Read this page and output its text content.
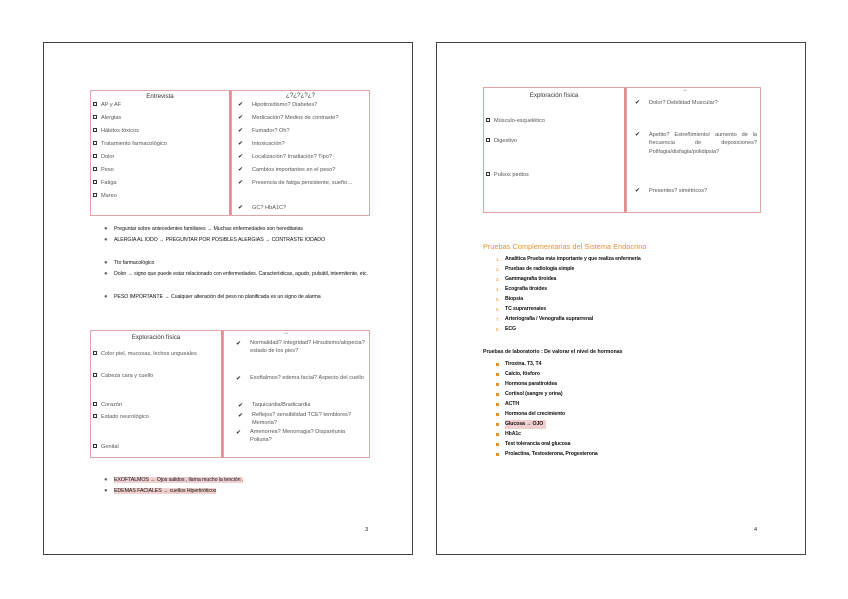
Entrevista
AP y AF
Alergias
Hábitos tóxicos
Tratamiento farmacológico
Dolor
Peso
Fatiga
Mareo
¿?¿?¿?¿?
✔ Hipotiroidismo? Diabetes?
✔ Medicación? Medios de contraste?
✔ Fumador? Oh?
✔ Intoxicación?
✔ Localización? Irradiación? Tipo?
✔ Cambios importantes en el peso?
✔ Presencia de fatiga persistente, sueño…
✔ GC? HbA1C?
● Preguntar sobre antecedentes familiares → Muchas enfermedades son hereditarias
● ALERGIA AL IODO → PREGUNTAR POR POSIBLES ALERGIAS → CONTRASTE IODADO
● Tto farmacológico
● Dolor → signo que puede estar relacionado con enfermedades. Características, agudo, pulsátil, intermitente, etc.
● PESO IMPORTANTE → Cualquier alteración del peso no planificada es un signo de alarma
Exploración física
Color piel, mucosas, lechos ungueales
Cabeza cara y cuello
Corazón
Estado neurológico
Genital
***
✔ Normalidad? Integridad? Hirsutismo/alopecia? estado de los pies?
✔ Exoftalmos? edema facial? Aspecto del cuello
✔ Taquicardia/Bradicardia
✔ Reflejos? sensibilidad TCE? temblores? Memoria?
✔ Amenorrea? Menorragia? Disparéunia Poliuria?
● EXOFTALMOS → Ojos salidos , llama mucho la tención .
● EDEMAS FACIALES → cuellos Hipertiróticos
3
Exploración física
Músculo-esquelético
Digestivo
Pulsos pedios
***
✔ Dolor? Debilidad Muscular?
✔ Apetito? Estreñimiento/ aumento de la frecuencia de deposiciones? Polifagia/disfagia/polidipsia?
✔ Presentes? simétricos?
Pruebas Complementarias del Sistema Endocrino
1. Analítica Prueba más importante y que realiza enfermería
2. Pruebas de radiología simple
3. Gammagrafía tiroidea
4. Ecografía tiroides
5. Biopsia
6. TC suprarrenales
7. Arteriografía / Venografía suprarrenal
8. ECG
Pruebas de laboratorio : De valorar el nivel de hormonas
Tiroxina, T3, T4
Calcio, fósforo
Hormona paratiroidea
Cortisol (sangre y orina)
ACTH
Hormona del crecimiento
Glucosa → OJO
HbA1c
Test tolerancia oral glucosa
Prolactina, Testosterona, Progesterona
4
